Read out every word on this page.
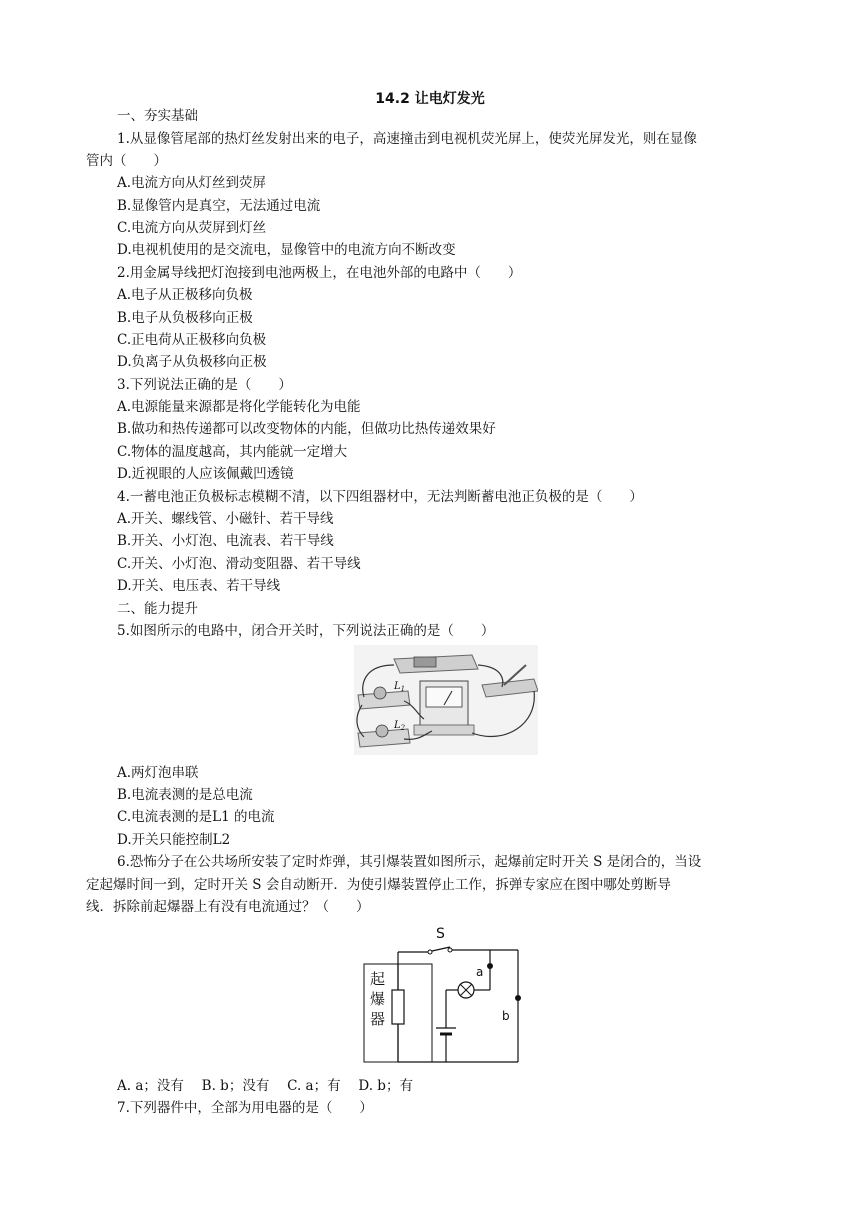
14.2 让电灯发光
一、夯实基础
1.从显像管尾部的热灯丝发射出来的电子，高速撞击到电视机荧光屏上，使荧光屏发光，则在显像
管内（　　）
A.电流方向从灯丝到荧屏
B.显像管内是真空，无法通过电流
C.电流方向从荧屏到灯丝
D.电视机使用的是交流电，显像管中的电流方向不断改变
2.用金属导线把灯泡接到电池两极上，在电池外部的电路中（　　）
A.电子从正极移向负极
B.电子从负极移向正极
C.正电荷从正极移向负极
D.负离子从负极移向正极
3.下列说法正确的是（　　）
A.电源能量来源都是将化学能转化为电能
B.做功和热传递都可以改变物体的内能，但做功比热传递效果好
C.物体的温度越高，其内能就一定增大
D.近视眼的人应该佩戴凹透镜
4.一蓄电池正负极标志模糊不清，以下四组器材中，无法判断蓄电池正负极的是（　　）
A.开关、螺线管、小磁针、若干导线
B.开关、小灯泡、电流表、若干导线
C.开关、小灯泡、滑动变阻器、若干导线
D.开关、电压表、若干导线
二、能力提升
5.如图所示的电路中，闭合开关时，下列说法正确的是（　　）
$L_1$
$L_2$
A.两灯泡串联
B.电流表测的是总电流
C.电流表测的是L1 的电流
D.开关只能控制L2
6.恐怖分子在公共场所安装了定时炸弹，其引爆装置如图所示，起爆前定时开关 S 是闭合的，当设
定起爆时间一到，定时开关 S 会自动断开．为使引爆装置停止工作，拆弹专家应在图中哪处剪断导
线．拆除前起爆器上有没有电流通过？（　　）
S
起
爆
器
a
b
A. a；没有　 B. b；没有　 C. a；有　 D. b；有
7.下列器件中，全部为用电器的是（　　）
